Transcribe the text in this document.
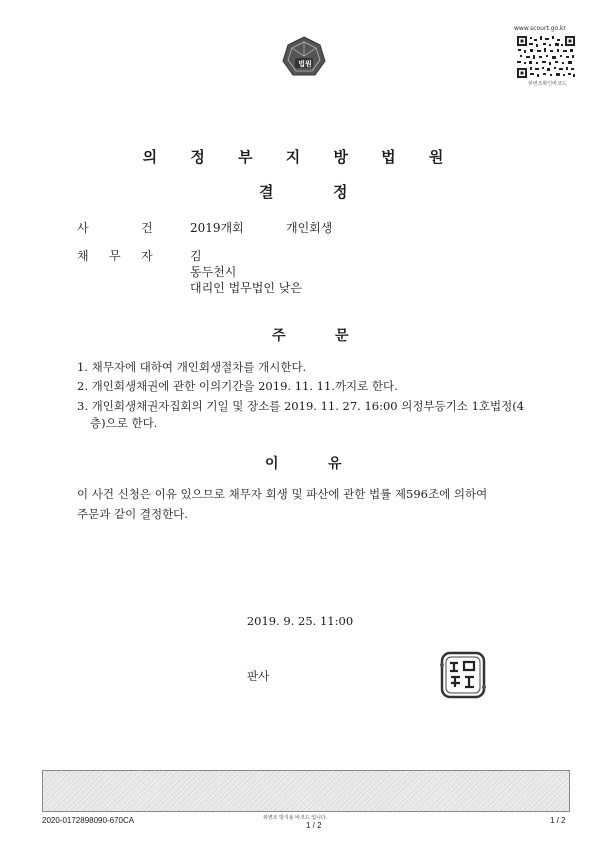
법원
www.scourt.go.kr
위변조확인바코드
의 정 부 지 방 법 원
결	정
사	건	2019개회	개인회생
채 무 자	김
동두천시
대리인 법무법인 낮은
주	문
1. 채무자에 대하여 개인회생절차를 개시한다.
2. 개인회생채권에 관한 이의기간을 2019. 11. 11.까지로 한다.
3. 개인회생채권자집회의 기일 및 장소를 2019. 11. 27. 16:00 의정부등기소 1호법정(4
층)으로 한다.
이	유
이 사건 신청은 이유 있으므로 채무자 회생 및 파산에 관한 법률 제596조에 의하여
주문과 같이 결정한다.
2019. 9. 25. 11:00
판사
2020-0172898090-670CA	위변조 방지용 바코드 입니다.
1 / 2
1 / 2
